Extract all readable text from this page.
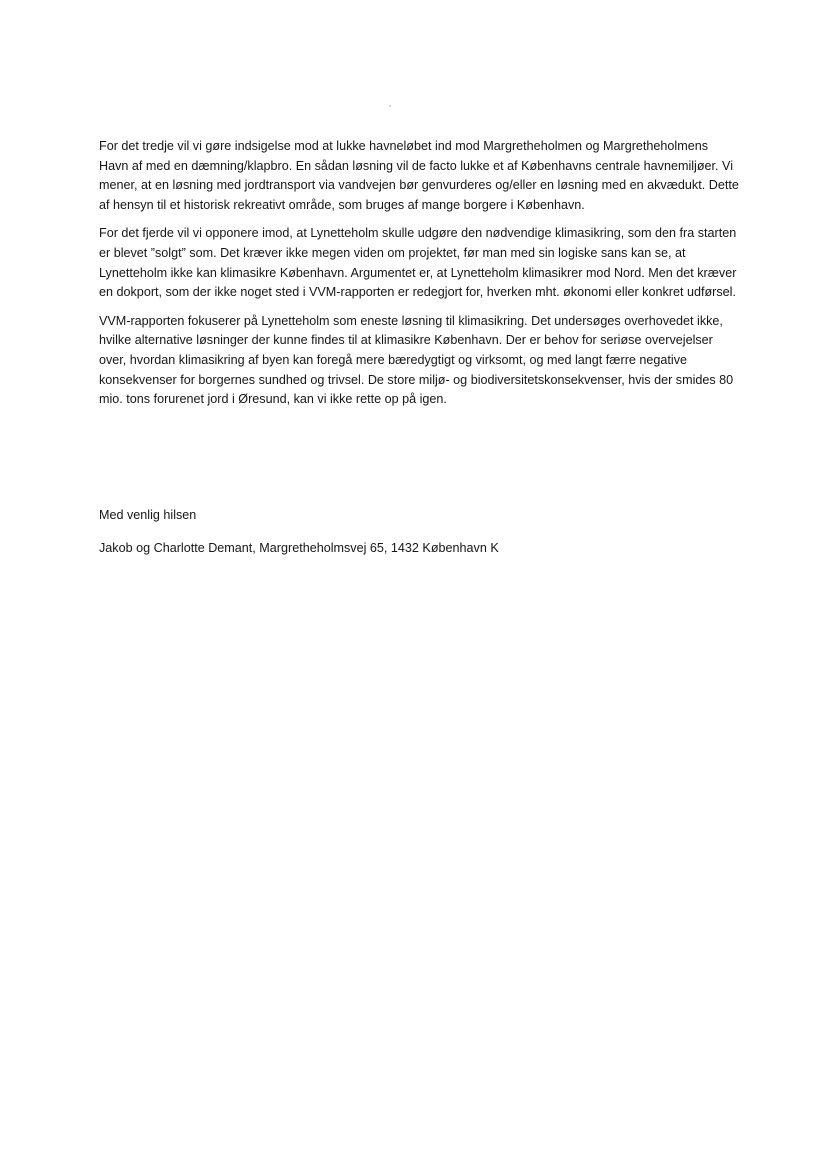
For det tredje vil vi gøre indsigelse mod at lukke havneløbet ind mod Margretheholmen og Margretheholmens Havn af med en dæmning/klapbro. En sådan løsning vil de facto lukke et af Københavns centrale havnemiljøer. Vi mener, at en løsning med jordtransport via vandvejen bør genvurderes og/eller en løsning med en akvædukt. Dette af hensyn til et historisk rekreativt område, som bruges af mange borgere i København.

For det fjerde vil vi opponere imod, at Lynetteholm skulle udgøre den nødvendige klimasikring, som den fra starten er blevet ”solgt” som. Det kræver ikke megen viden om projektet, før man med sin logiske sans kan se, at Lynetteholm ikke kan klimasikre København. Argumentet er, at Lynetteholm klimasikrer mod Nord. Men det kræver en dokport, som der ikke noget sted i VVM-rapporten er redegjort for, hverken mht. økonomi eller konkret udførsel.

VVM-rapporten fokuserer på Lynetteholm som eneste løsning til klimasikring. Det undersøges overhovedet ikke, hvilke alternative løsninger der kunne findes til at klimasikre København. Der er behov for seriøse overvejelser over, hvordan klimasikring af byen kan foregå mere bæredygtigt og virksomt, og med langt færre negative konsekvenser for borgernes sundhed og trivsel. De store miljø- og biodiversitetskonsekvenser, hvis der smides 80 mio. tons forurenet jord i Øresund, kan vi ikke rette op på igen.

Med venlig hilsen

Jakob og Charlotte Demant, Margretheholmsvej 65, 1432 København K
